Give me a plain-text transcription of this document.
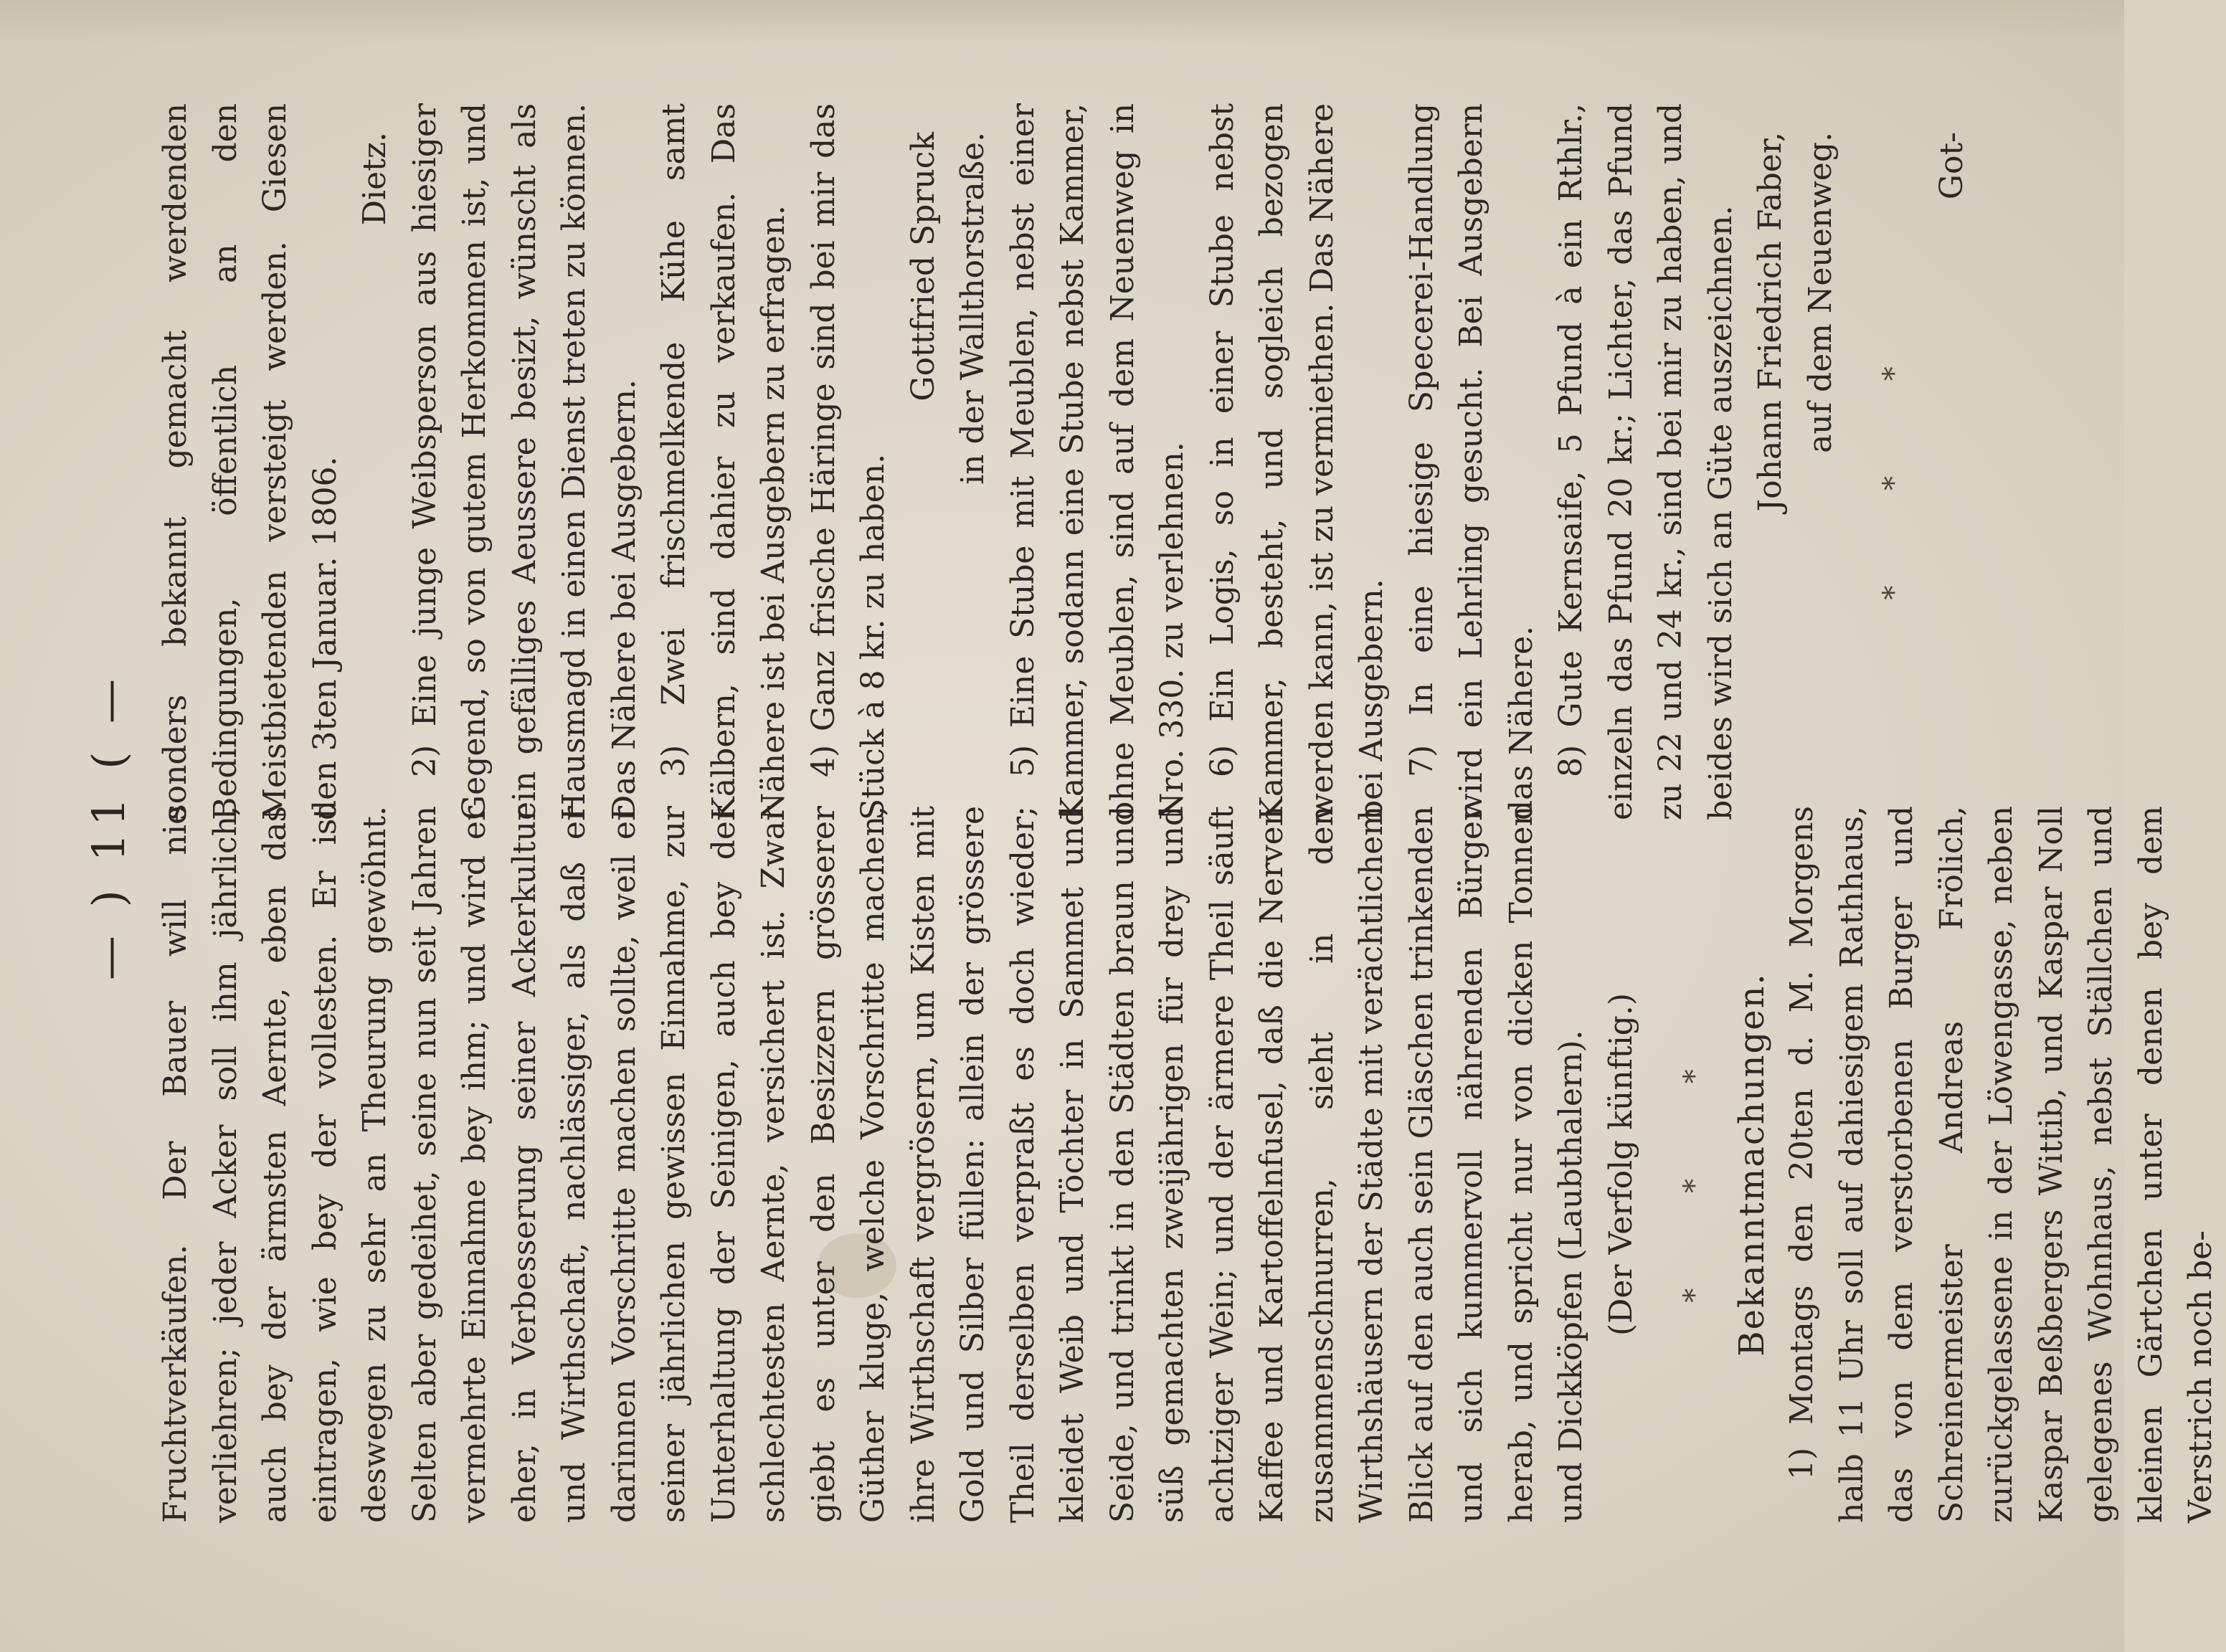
— ) 11 ( — Fruchtverkäufen. Der Bauer will nie verliehren; jeder Acker soll ihm jährlich, auch bey der ärmsten Aernte, eben das eintragen, wie bey der vollesten. Er ist deswegen zu sehr an Theurung gewöhnt. Selten aber gedeihet, seine nun seit Jahren vermehrte Einnahme bey ihm; und wird er eher, in Verbesserung seiner Ackerkultur und Wirthschaft, nachlässiger, als daß er darinnen Vorschritte machen sollte, weil er seiner jährlichen gewissen Einnahme, zur Unterhaltung der Seinigen, auch bey der schlechtesten Aernte, versichert ist. Zwar giebt es unter den Besizzern grösserer Güther kluge, welche Vorschritte machen, ihre Wirthschaft vergrösern, um Kisten mit Gold und Silber füllen: allein der grössere Theil derselben verpraßt es doch wieder; kleidet Weib und Töchter in Sammet und Seide, und trinkt in den Städten braun und süß gemachten zweijährigen für drey und achtziger Wein; und der ärmere Theil säuft Kaffee und Kartoffelnfusel, daß die Nerven zusammenschnurren, sieht in den Wirthshäusern der Städte mit verächtlichem Blick auf den auch sein Gläschen trinkenden und sich kummervoll nährenden Bürger herab, und spricht nur von dicken Tonnen und Dickköpfen (Laubthalern). (Der Verfolg künftig.) * * * Bekanntmachungen. 1) Montags den 20ten d. M. Morgens halb 11 Uhr soll auf dahiesigem Rathhaus, das von dem verstorbenen Burger und Schreinermeister Andreas Frölich, zurückgelassene in der Löwengasse, neben Kaspar Beßbergers Wittib, und Kaspar Noll gelegenes Wohnhaus, nebst Ställchen und kleinen Gärtchen unter denen bey dem Verstrich noch be-

sonders bekannt gemacht werdenden Bedingungen, öffentlich an den Meistbietenden versteigt werden. Giesen den 3ten Januar. 1806.

Dietz. 2) Eine junge Weibsperson aus hiesiger Gegend, so von gutem Herkommen ist, und ein gefälliges Aeussere besizt, wünscht als Hausmagd in einen Dienst treten zu können. Das Nähere bei Ausgebern. 3) Zwei frischmelkende Kühe samt Kälbern, sind dahier zu verkaufen. Das Nähere ist bei Ausgebern zu erfragen. 4) Ganz frische Häringe sind bei mir das Stück à 8 kr. zu haben.

Gottfried Spruck in der Wallthorstraße. 5) Eine Stube mit Meublen, nebst einer Kammer, sodann eine Stube nebst Kammer, ohne Meublen, sind auf dem Neuenweg in Nro. 330. zu verlehnen. 6) Ein Logis, so in einer Stube nebst Kammer, besteht, und sogleich bezogen werden kann, ist zu vermiethen. Das Nähere bei Ausgebern. 7) In eine hiesige Specerei-Handlung wird ein Lehrling gesucht. Bei Ausgebern das Nähere. 8) Gute Kernsaife, 5 Pfund à ein Rthlr., einzeln das Pfund 20 kr.; Lichter, das Pfund zu 22 und 24 kr., sind bei mir zu haben, und beides wird sich an Güte auszeichnen. Johann Friedrich Faber, auf dem Neuenweg.

* * *

Got-
